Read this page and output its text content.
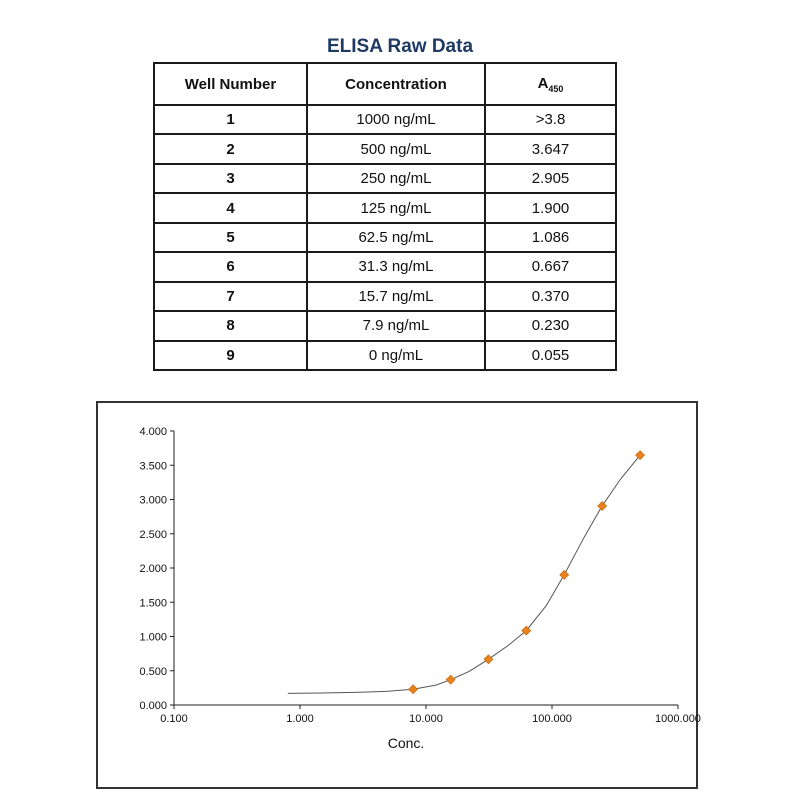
ELISA Raw Data
Well Number	Concentration	$A_{450}$
1	1000 ng/mL	>3.8
2	500 ng/mL	3.647
3	250 ng/mL	2.905
4	125 ng/mL	1.900
5	62.5 ng/mL	1.086
6	31.3 ng/mL	0.667
7	15.7 ng/mL	0.370
8	7.9 ng/mL	0.230
9	0 ng/mL	0.055
0.000
0.500
1.000
1.500
2.000
2.500
3.000
3.500
4.000
0.100	1.000	10.000	100.000	1000.000
Conc.
